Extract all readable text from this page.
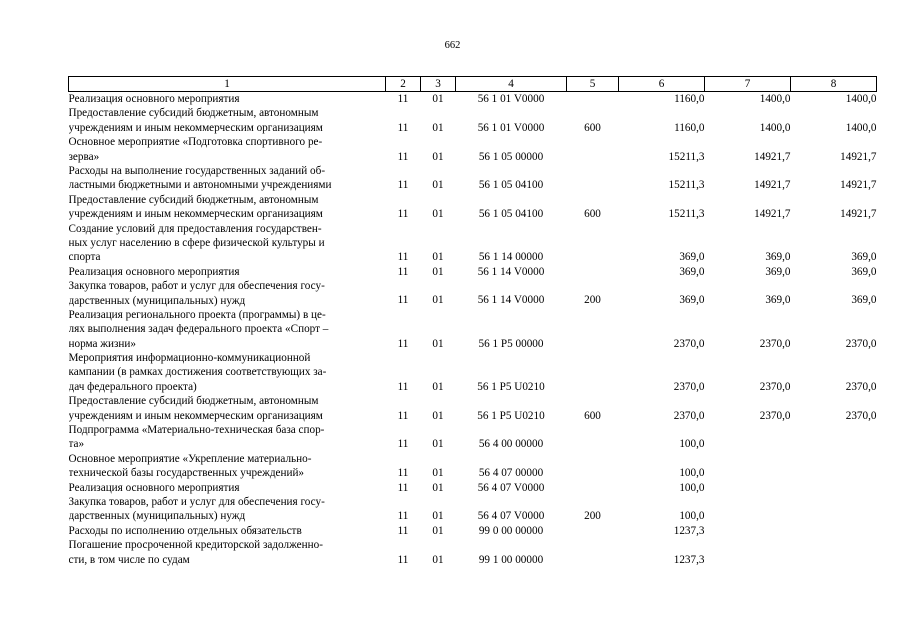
662
1	2	3	4	5	6	7	8

Реализация основного мероприятия	11	01	56 1 01 V0000		1160,0	1400,0	1400,0

Предоставление субсидий бюджетным, автономным
учреждениям и иным некоммерческим организациям	11	01	56 1 01 V0000	600	1160,0	1400,0	1400,0

Основное мероприятие «Подготовка спортивного ре-
зерва»	11	01	56 1 05 00000		15211,3	14921,7	14921,7

Расходы на выполнение государственных заданий об-
ластными бюджетными и автономными учреждениями	11	01	56 1 05 04100		15211,3	14921,7	14921,7

Предоставление субсидий бюджетным, автономным
учреждениям и иным некоммерческим организациям	11	01	56 1 05 04100	600	15211,3	14921,7	14921,7

Создание условий для предоставления государствен-
ных услуг населению в сфере физической культуры и
спорта	11	01	56 1 14 00000		369,0	369,0	369,0

Реализация основного мероприятия	11	01	56 1 14 V0000		369,0	369,0	369,0

Закупка товаров, работ и услуг для обеспечения госу-
дарственных (муниципальных) нужд	11	01	56 1 14 V0000	200	369,0	369,0	369,0

Реализация регионального проекта (программы) в це-
лях выполнения задач федерального проекта «Спорт –
норма жизни»	11	01	56 1 P5 00000		2370,0	2370,0	2370,0

Мероприятия информационно-коммуникационной
кампании (в рамках достижения соответствующих за-
дач федерального проекта)	11	01	56 1 P5 U0210		2370,0	2370,0	2370,0

Предоставление субсидий бюджетным, автономным
учреждениям и иным некоммерческим организациям	11	01	56 1 P5 U0210	600	2370,0	2370,0	2370,0

Подпрограмма «Материально-техническая база спор-
та»	11	01	56 4 00 00000		100,0		

Основное мероприятие «Укрепление материально-
технической базы государственных учреждений»	11	01	56 4 07 00000		100,0		

Реализация основного мероприятия	11	01	56 4 07 V0000		100,0		

Закупка товаров, работ и услуг для обеспечения госу-
дарственных (муниципальных) нужд	11	01	56 4 07 V0000	200	100,0		

Расходы по исполнению отдельных обязательств	11	01	99 0 00 00000		1237,3		

Погашение просроченной кредиторской задолженно-
сти, в том числе по судам	11	01	99 1 00 00000		1237,3		
